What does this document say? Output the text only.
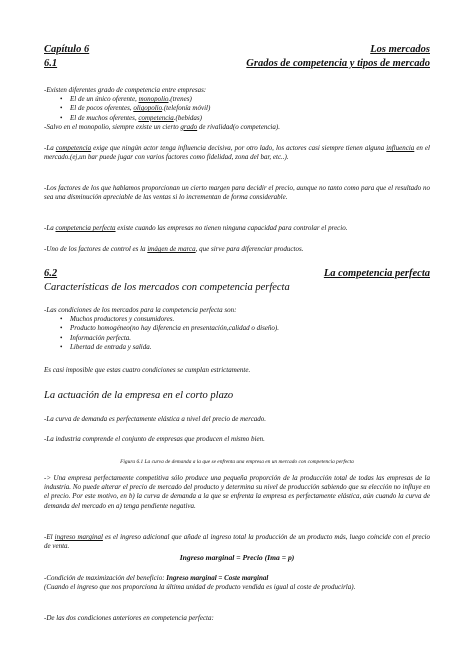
Capítulo 6	Los mercados
6.1	Grados de competencia y tipos de mercado

-Existen diferentes grado de competencia entre empresas:

• El de un único oferente, monopolio.(trenes)
• El de pocos oferentes, oligopolio.(telefonía móvil)
• El de muchos oferentes, competencia.(bebidas)

-Salvo en el monopolio, siempre existe un cierto grado de rivalidad(o competencia).

-La competencia exige que ningún actor tenga influencia decisiva, por otro lado, los actores casi siempre tienen alguna influencia en el mercado.(ej,un bar puede jugar con varios factores como fidelidad, zona del bar, etc..).

-Los factores de los que hablamos proporcionan un cierto margen para decidir el precio, aunque no tanto como para que el resultado no sea una disminución apreciable de las ventas si lo incrementan de forma considerable.

-La competencia perfecta existe cuando las empresas no tienen ninguna capacidad para controlar el precio.

-Uno de los factores de control es la imágen de marca, que sirve para diferenciar productos.

6.2	La competencia perfecta
Características de los mercados con competencia perfecta

-Las condiciones de los mercados para la competencia perfecta son:

• Muchos productores y consumidores.
• Producto homogéneo(no hay diferencia en presentación,calidad o diseño).
• Información perfecta.
• Libertad de entrada y salida.
Es casi imposible que estas cuatro condiciones se cumplan estrictamente.
La actuación de la empresa en el corto plazo
-La curva de demanda es perfectamente elástica a nivel del precio de mercado.
-La industria comprende el conjunto de empresas que producen el mismo bien.
Figura 6.1 La curva de demanda a la que se enfrenta una empresa en un mercado con competencia perfecta
-> Una empresa perfectamente competitiva sólo produce una pequeña proporción de la producción total de todas las empresas de la industria. No puede alterar el precio de mercado del producto y determina su nivel de producción sabiendo que su elección no influye en el precio. Por este motivo, en b) la curva de demanda a la que se enfrenta la empresa es perfectamente elástica, aún cuando la curva de demanda del mercado en a) tenga pendiente negativa.

-El ingreso marginal es el ingreso adicional que añade al ingreso total la producción de un producto más, luego coincide con el precio de venta.

Ingreso marginal = Precio (Ima = p)

-Condición de maximización del beneficio: Ingreso marginal = Coste marginal

(Cuando el ingreso que nos proporciona la última unidad de producto vendida es igual al coste de producirla).

-De las dos condiciones anteriores en competencia perfecta:
